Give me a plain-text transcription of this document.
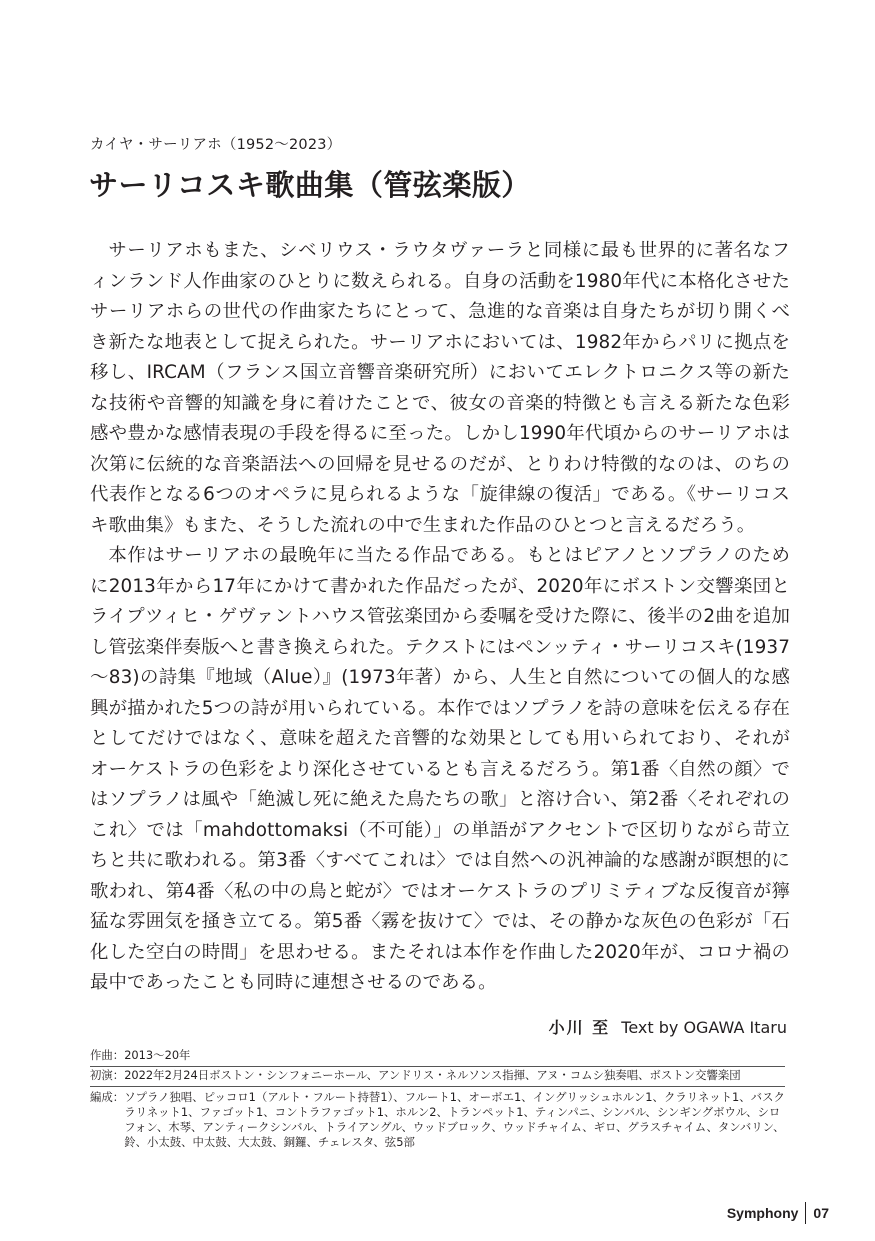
カイヤ・サーリアホ（1952～2023）
サーリコスキ歌曲集（管弦楽版）

サーリアホもまた、シベリウス・ラウタヴァーラと同様に最も世界的に著名なフィンランド人作曲家のひとりに数えられる。自身の活動を1980年代に本格化させたサーリアホらの世代の作曲家たちにとって、急進的な音楽は自身たちが切り開くべき新たな地表として捉えられた。サーリアホにおいては、1982年からパリに拠点を移し、IRCAM（フランス国立音響音楽研究所）においてエレクトロニクス等の新たな技術や音響的知識を身に着けたことで、彼女の音楽的特徴とも言える新たな色彩感や豊かな感情表現の手段を得るに至った。しかし1990年代頃からのサーリアホは次第に伝統的な音楽語法への回帰を見せるのだが、とりわけ特徴的なのは、のちの代表作となる6つのオペラに見られるような「旋律線の復活」である。《サーリコスキ歌曲集》もまた、そうした流れの中で生まれた作品のひとつと言えるだろう。

本作はサーリアホの最晩年に当たる作品である。もとはピアノとソプラノのために2013年から17年にかけて書かれた作品だったが、2020年にボストン交響楽団とライプツィヒ・ゲヴァントハウス管弦楽団から委嘱を受けた際に、後半の2曲を追加し管弦楽伴奏版へと書き換えられた。テクストにはペンッティ・サーリコスキ(1937～83)の詩集『地域（Alue）』(1973年著）から、人生と自然についての個人的な感興が描かれた5つの詩が用いられている。本作ではソプラノを詩の意味を伝える存在としてだけではなく、意味を超えた音響的な効果としても用いられており、それがオーケストラの色彩をより深化させているとも言えるだろう。第1番〈自然の顔〉ではソプラノは風や「絶滅し死に絶えた鳥たちの歌」と溶け合い、第2番〈それぞれのこれ〉では「mahdottomaksi（不可能）」の単語がアクセントで区切りながら苛立ちと共に歌われる。第3番〈すべてこれは〉では自然への汎神論的な感謝が瞑想的に歌われ、第4番〈私の中の鳥と蛇が〉ではオーケストラのプリミティブな反復音が獰猛な雰囲気を掻き立てる。第5番〈霧を抜けて〉では、その静かな灰色の色彩が「石化した空白の時間」を思わせる。またそれは本作を作曲した2020年が、コロナ禍の最中であったことも同時に連想させるのである。

小川 至 Text by OGAWA Itaru
作曲： 2013～20年
初演： 2022年2月24日ボストン・シンフォニーホール、アンドリス・ネルソンス指揮、アヌ・コムシ独奏唱、ボストン交響楽団
編成： ソプラノ独唱、ピッコロ1（アルト・フルート持替1）、フルート1、オーボエ1、イングリッシュホルン1、クラリネット1、バスクラリネット1、ファゴット1、コントラファゴット1、ホルン2、トランペット1、ティンパニ、シンバル、シンギングボウル、シロフォン、木琴、アンティークシンバル、トライアングル、ウッドブロック、ウッドチャイム、ギロ、グラスチャイム、タンバリン、鈴、小太鼓、中太鼓、大太鼓、銅鑼、チェレスタ、弦5部
Symphony 07
